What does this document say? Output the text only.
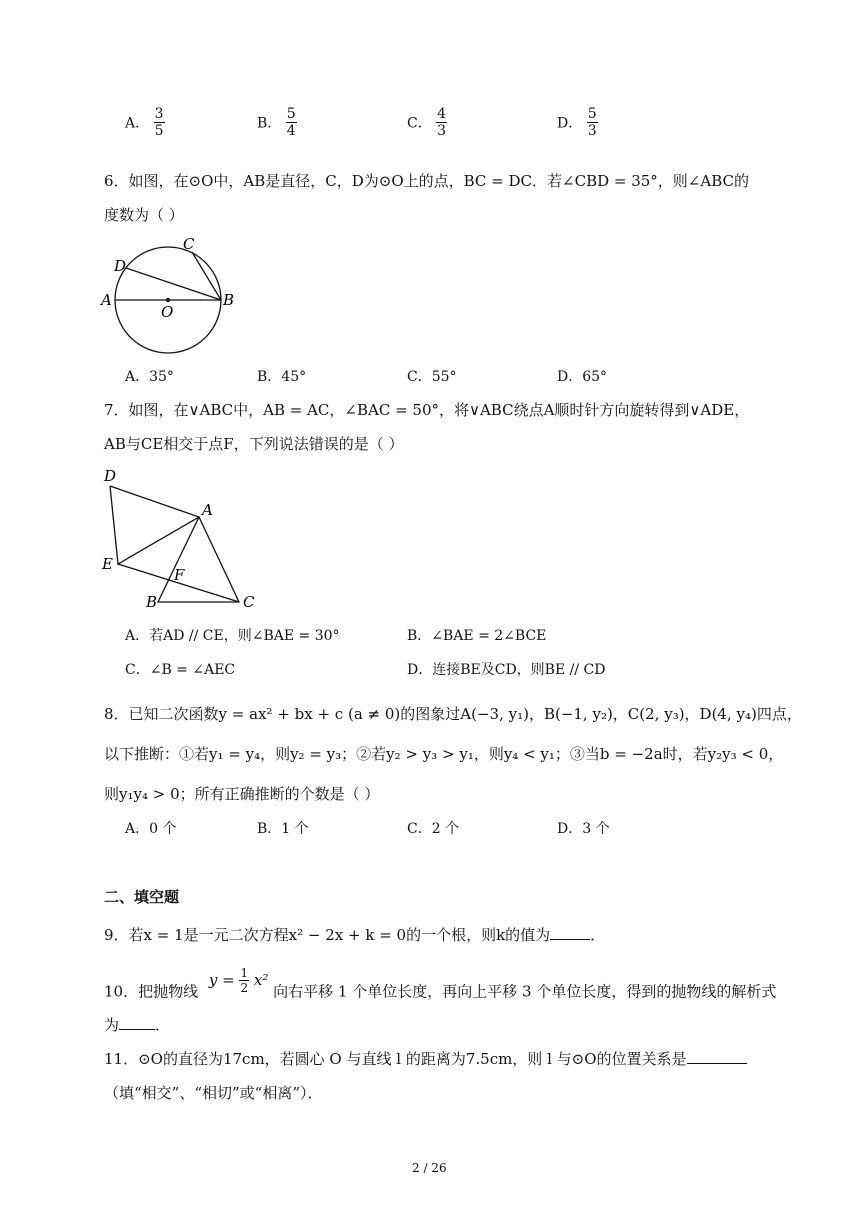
A． $\frac{3}{5}$	B． $\frac{5}{4}$	C． $\frac{4}{3}$	D． $\frac{5}{3}$
6．如图，在⊙O中，AB是直径，C，D为⊙O上的点，BC = DC．若∠CBD = 35°，则∠ABC的
度数为（ ）
C
D
A	B
O
A．35°	B．45°	C．55°	D．65°
7．如图，在∨ABC中，AB = AC，∠BAC = 50°，将∨ABC绕点A顺时针方向旋转得到∨ADE，
AB与CE相交于点F，下列说法错误的是（ ）
D
A
E
F
B	C
A．若AD // CE，则∠BAE = 30°	B．∠BAE = 2∠BCE
C．∠B = ∠AEC	D．连接BE及CD，则BE // CD
8．已知二次函数y = ax² + bx + c (a ≠ 0)的图象过A(−3, y₁)，B(−1, y₂)，C(2, y₃)，D(4, y₄)四点，
以下推断：①若y₁ = y₄，则y₂ = y₃；②若y₂ > y₃ > y₁，则y₄ < y₁；③当b = −2a时，若y₂y₃ < 0，
则y₁y₄ > 0；所有正确推断的个数是（ ）
A．0 个	B．1 个	C．2 个	D．3 个
二、填空题
9．若x = 1是一元二次方程x² − 2x + k = 0的一个根，则k的值为	．
10．把抛物线 $y = \frac{1}{2} x^2$ 向右平移 1 个单位长度，再向上平移 3 个单位长度，得到的抛物线的解析式
为 ．
11．⊙O的直径为17cm，若圆心 O 与直线 l 的距离为7.5cm，则 l 与⊙O的位置关系是
（填“相交”、“相切”或“相离”）．
2 / 26
